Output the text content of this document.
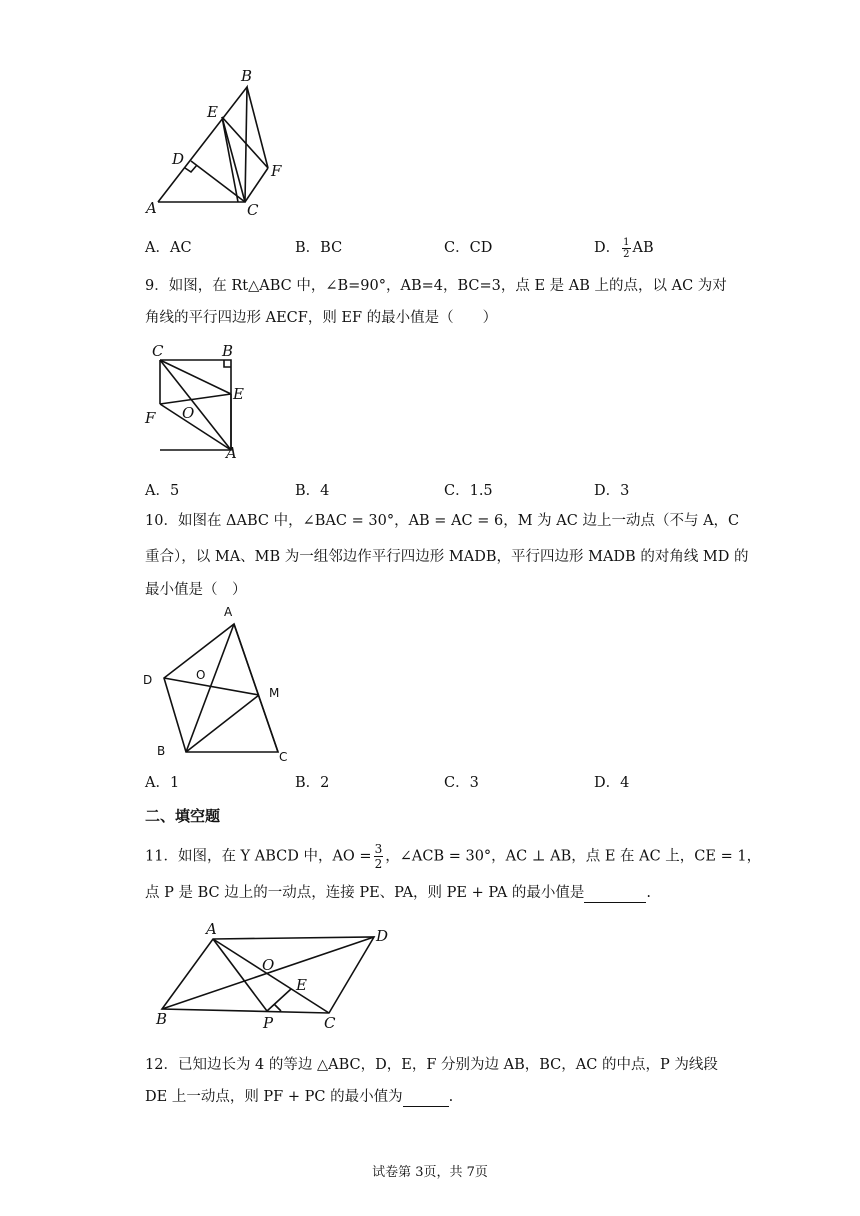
B
E
D
F
A	C
A．AC	B．BC	C．CD	D． $\frac{1}{2}$ AB
9．如图，在 Rt△ABC 中，∠B=90°，AB=4，BC=3，点 E 是 AB 上的点，以 AC 为对
角线的平行四边形 AECF，则 EF 的最小值是（　　）
C	B
E
F O
A
A．5	B．4	C．1.5	D．3
10．如图在 ΔABC 中，∠BAC = 30°，AB = AC = 6，M 为 AC 边上一动点（不与 A，C
重合），以 MA、MB 为一组邻边作平行四边形 MADB，平行四边形 MADB 的对角线 MD 的
最小值是（　）
A
D	O
M
B	C
A．1	B．2	C．3	D．4
二、填空题
11．如图，在 Y ABCD 中，AO = $\frac{3}{2}$ ，∠ACB = 30°，AC ⊥ AB，点 E 在 AC 上，CE = 1，
点 P 是 BC 边上的一动点，连接 PE、PA，则 PE + PA 的最小值是	.
A	D
O
E
B	P	C
12．已知边长为 4 的等边 △ABC，D，E，F 分别为边 AB，BC，AC 的中点，P 为线段
DE 上一动点，则 PF + PC 的最小值为	.
试卷第 3页，共 7页
